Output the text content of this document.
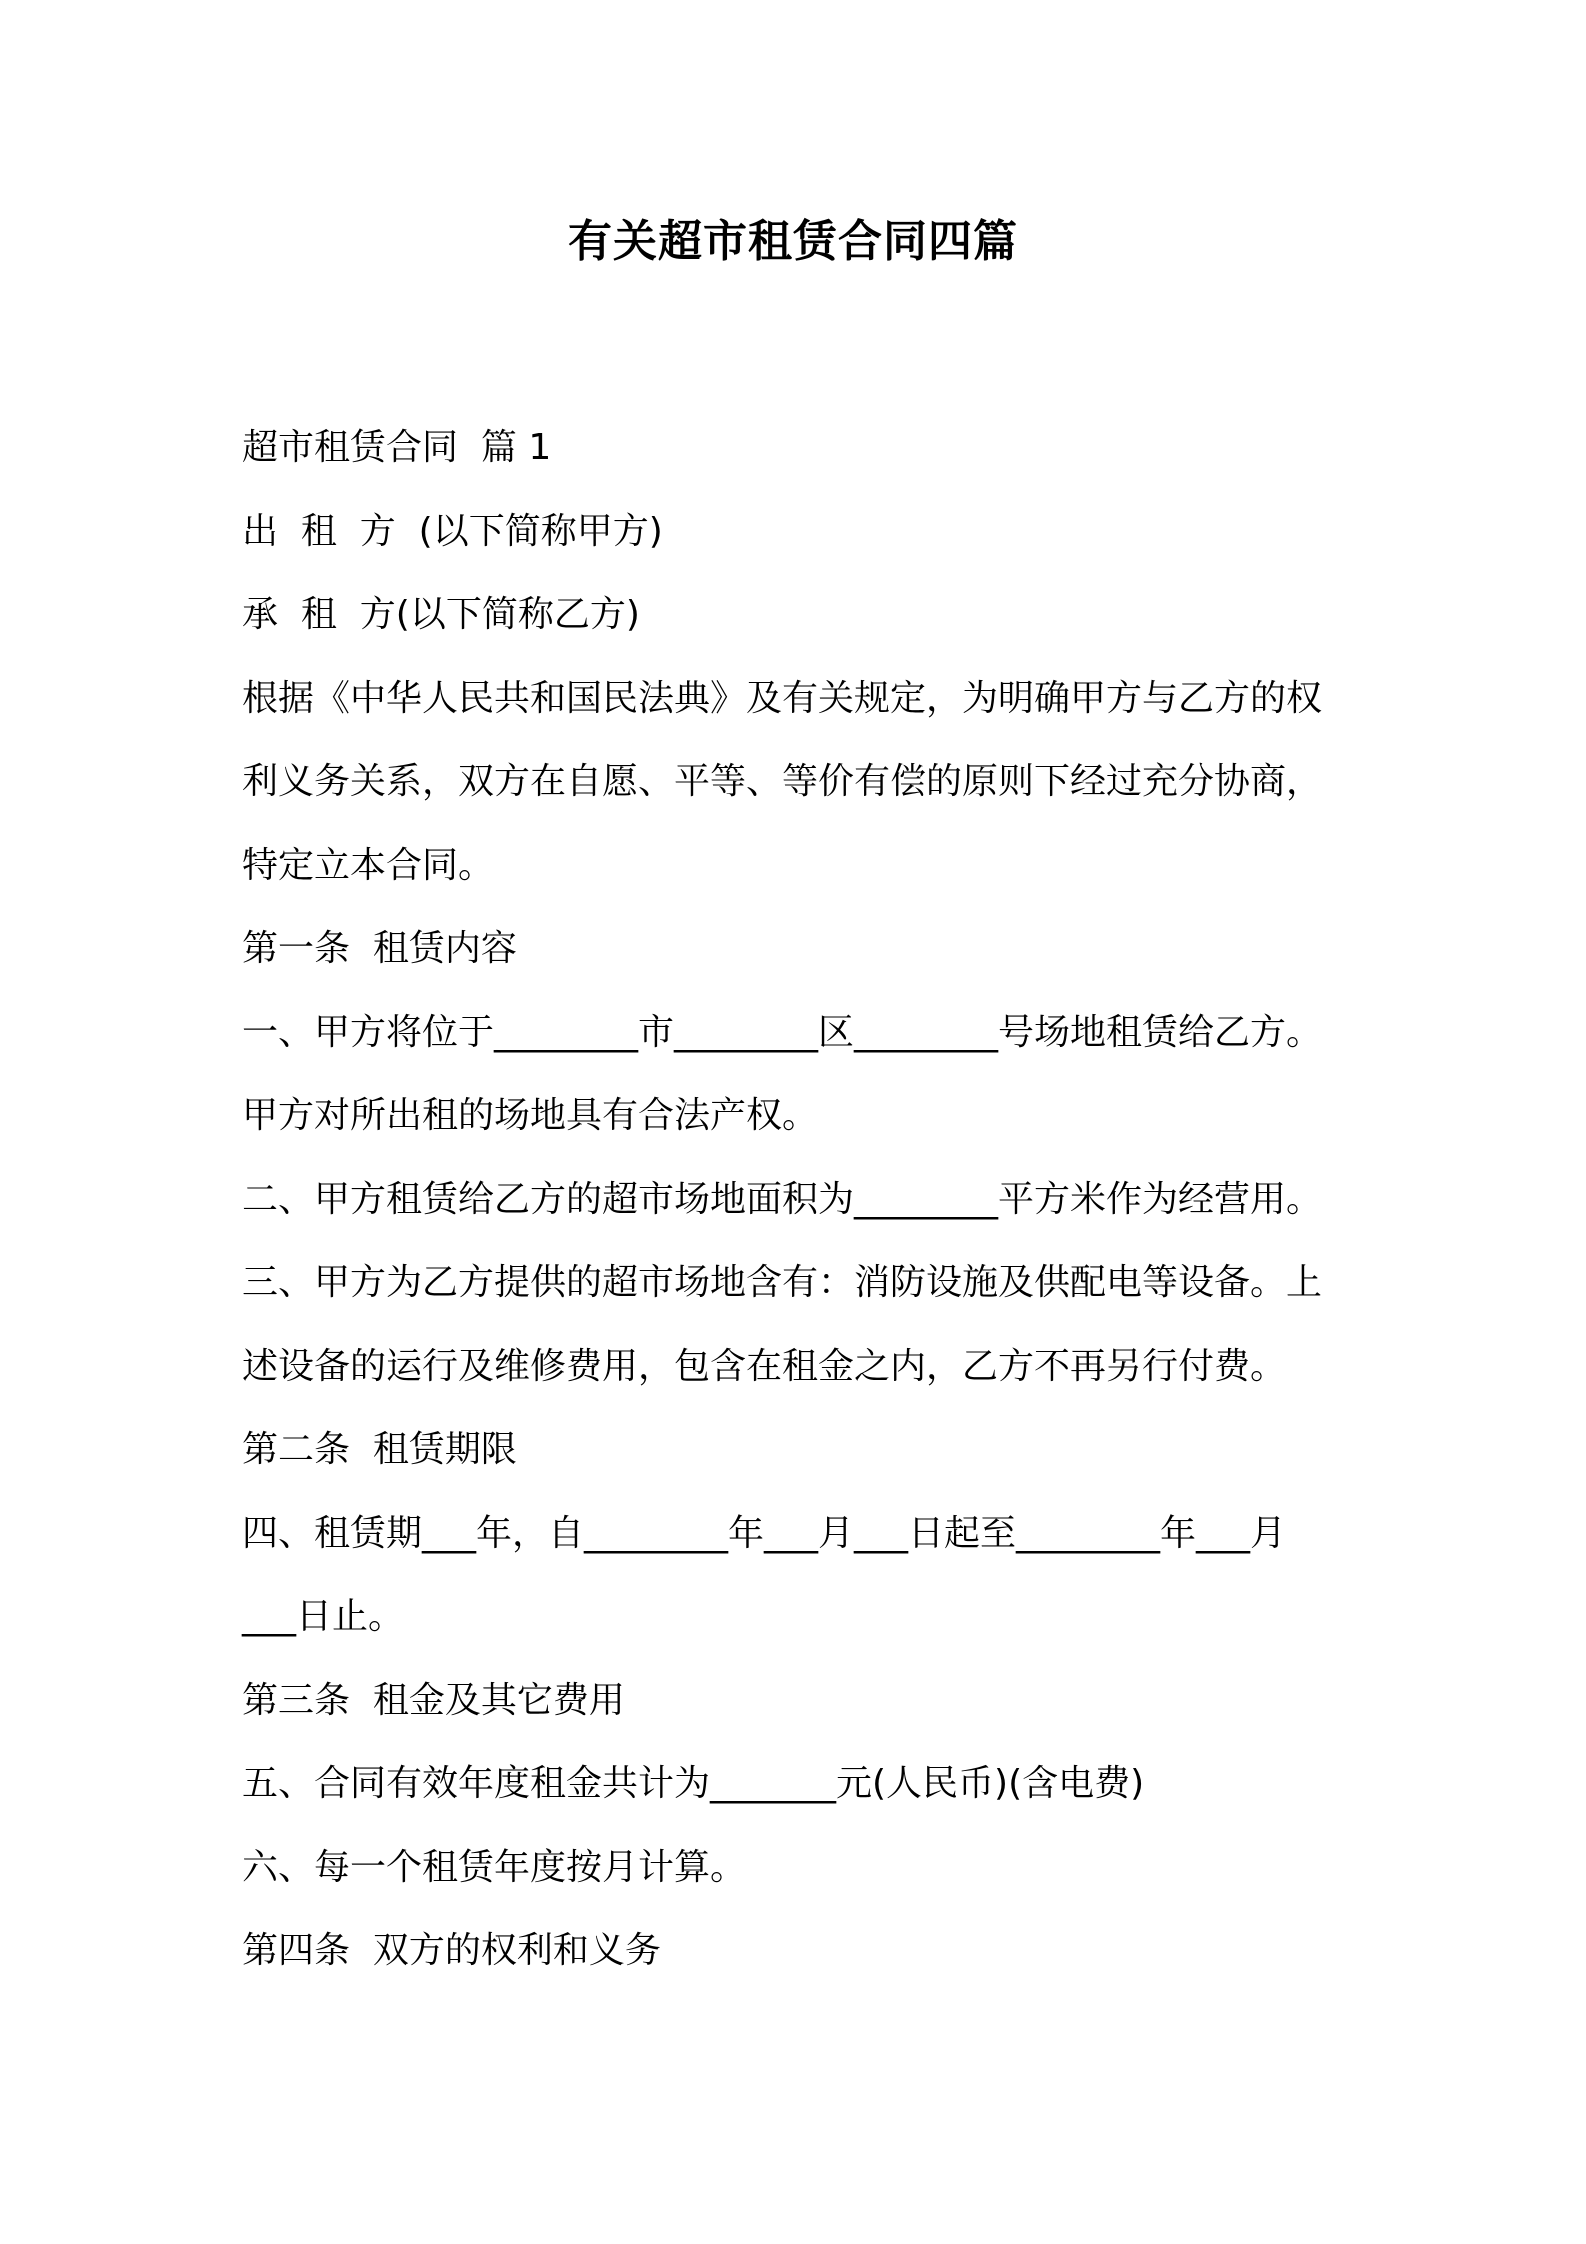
有关超市租赁合同四篇
超市租赁合同  篇 1
出  租  方  (以下简称甲方)
承  租  方(以下简称乙方)
根据《中华人民共和国民法典》及有关规定，为明确甲方与乙方的权
利义务关系，双方在自愿、平等、等价有偿的原则下经过充分协商，
特定立本合同。
第一条  租赁内容
一、甲方将位于________市________区________号场地租赁给乙方。
甲方对所出租的场地具有合法产权。
二、甲方租赁给乙方的超市场地面积为________平方米作为经营用。
三、甲方为乙方提供的超市场地含有：消防设施及供配电等设备。上
述设备的运行及维修费用，包含在租金之内，乙方不再另行付费。
第二条  租赁期限
四、租赁期___年，自________年___月___日起至________年___月
___日止。
第三条  租金及其它费用
五、合同有效年度租金共计为_______元(人民币)(含电费)
六、每一个租赁年度按月计算。
第四条  双方的权利和义务
